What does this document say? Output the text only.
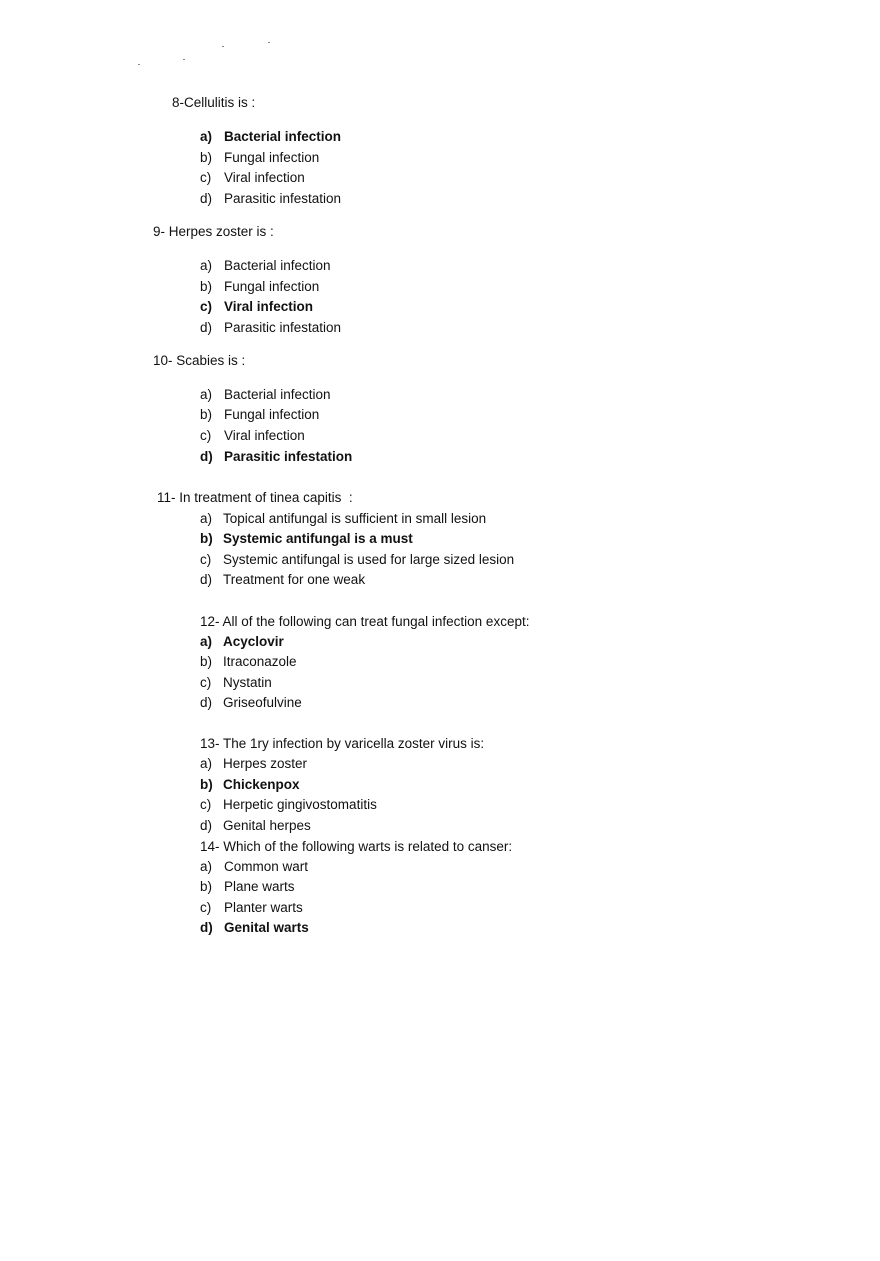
8-Cellulitis is :
a) Bacterial infection
b) Fungal infection
c) Viral infection
d) Parasitic infestation
9- Herpes zoster is :
a) Bacterial infection
b) Fungal infection
c) Viral infection
d) Parasitic infestation
10- Scabies is :
a) Bacterial infection
b) Fungal infection
c) Viral infection
d) Parasitic infestation
11- In treatment of tinea capitis  :
a) Topical antifungal is sufficient in small lesion
b) Systemic antifungal is a must
c) Systemic antifungal is used for large sized lesion
d) Treatment for one weak
12- All of the following can treat fungal infection except:
a) Acyclovir
b) Itraconazole
c) Nystatin
d) Griseofulvine
13- The 1ry infection by varicella zoster virus is:
a) Herpes zoster
b) Chickenpox
c) Herpetic gingivostomatitis
d) Genital herpes
14- Which of the following warts is related to canser:
a) Common wart
b) Plane warts
c) Planter warts
d) Genital warts
